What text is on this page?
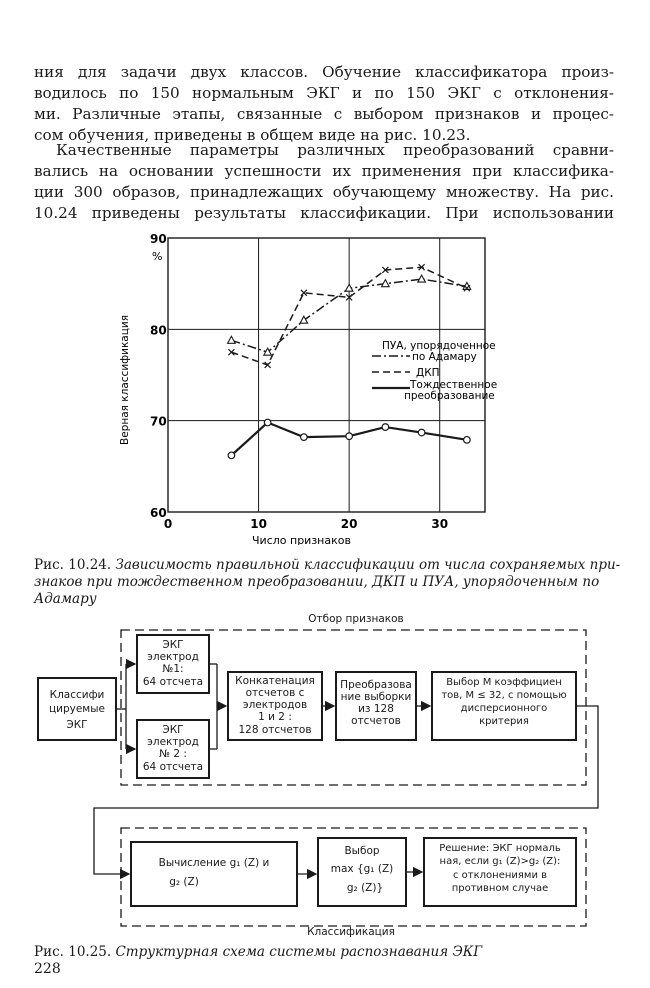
ния для задачи двух классов. Обучение классификатора произ-
водилось по 150 нормальным ЭКГ и по 150 ЭКГ с отклонения-
ми. Различные этапы, связанные с выбором признаков и процес-
сом обучения, приведены в общем виде на рис. 10.23.
Качественные параметры различных преобразований сравни-
вались на основании успешности их применения при классифика-
ции 300 образов, принадлежащих обучающему множеству. На рис.
10.24 приведены результаты классификации. При использовании
60
70
80
90
0	10	20	30
%
Число признаков
Верная классификация	ПУА, упорядоченное
по Адамару
ДКП
Тождественное
преобразование
Рис. 10.24. Зависимость правильной классификации от числа сохраняемых при-
знаков при тождественном преобразовании, ДКП и ПУА, упорядоченным по
Адамару
Отбор признаков
Классификация
Классифи
цируемые
ЭКГ
ЭКГ
электрод
№1:
64 отсчета
ЭКГ
электрод
№ 2 :
64 отсчета
Конкатенация
отсчетов с
электродов
1 и 2 :
128 отсчетов
Преобразова
ние выборки
из 128
отсчетов
Выбор М коэффициен
тов, М ≤ 32, с помощью
дисперсионного
критерия
Вычисление g₁ (Z) и
g₂ (Z)
Выбор
max {g₁ (Z)
g₂ (Z)}
Решение: ЭКГ нормаль
ная, если g₁ (Z)>g₂ (Z):
с отклонениями в
противном случае
Рис. 10.25. Структурная схема системы распознавания ЭКГ
228
